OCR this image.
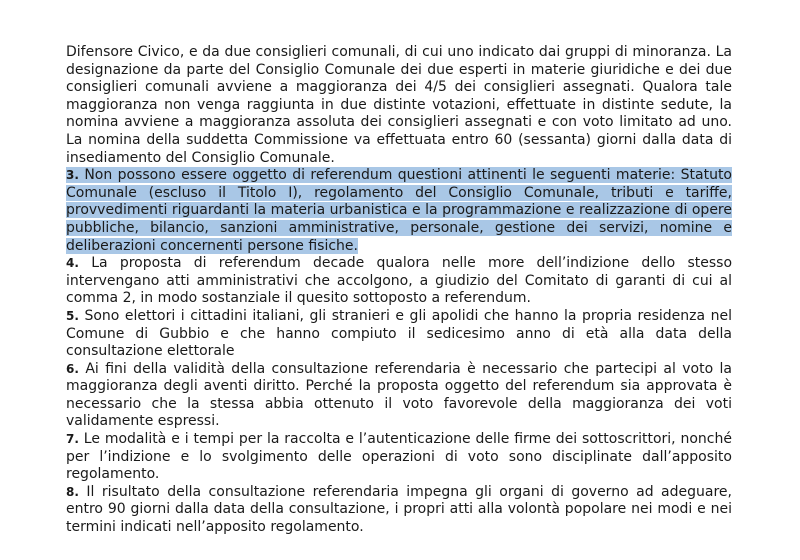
Difensore Civico, e da due consiglieri comunali, di cui uno indicato dai gruppi di minoranza. La designazione da parte del Consiglio Comunale dei due esperti in materie giuridiche e dei due consiglieri comunali avviene a maggioranza dei 4/5 dei consiglieri assegnati. Qualora tale maggioranza non venga raggiunta in due distinte votazioni, effettuate in distinte sedute, la nomina avviene a maggioranza assoluta dei consiglieri assegnati e con voto limitato ad uno. La nomina della suddetta Commissione va effettuata entro 60 (sessanta) giorni dalla data di insediamento del Consiglio Comunale.

3. Non possono essere oggetto di referendum questioni attinenti le seguenti materie: Statuto Comunale (escluso il Titolo I), regolamento del Consiglio Comunale, tributi e tariffe, provvedimenti riguardanti la materia urbanistica e la programmazione e realizzazione di opere pubbliche, bilancio, sanzioni amministrative, personale, gestione dei servizi, nomine e deliberazioni concernenti persone fisiche.

4. La proposta di referendum decade qualora nelle more dell’indizione dello stesso intervengano atti amministrativi che accolgono, a giudizio del Comitato di garanti di cui al comma 2, in modo sostanziale il quesito sottoposto a referendum.

5. Sono elettori i cittadini italiani, gli stranieri e gli apolidi che hanno la propria residenza nel Comune di Gubbio e che hanno compiuto il sedicesimo anno di età alla data della consultazione elettorale

6. Ai fini della validità della consultazione referendaria è necessario che partecipi al voto la maggioranza degli aventi diritto. Perché la proposta oggetto del referendum sia approvata è necessario che la stessa abbia ottenuto il voto favorevole della maggioranza dei voti validamente espressi.

7. Le modalità e i tempi per la raccolta e l’autenticazione delle firme dei sottoscrittori, nonché per l’indizione e lo svolgimento delle operazioni di voto sono disciplinate dall’apposito regolamento.

8. Il risultato della consultazione referendaria impegna gli organi di governo ad adeguare, entro 90 giorni dalla data della consultazione, i propri atti alla volontà popolare nei modi e nei termini indicati nell’apposito regolamento.
